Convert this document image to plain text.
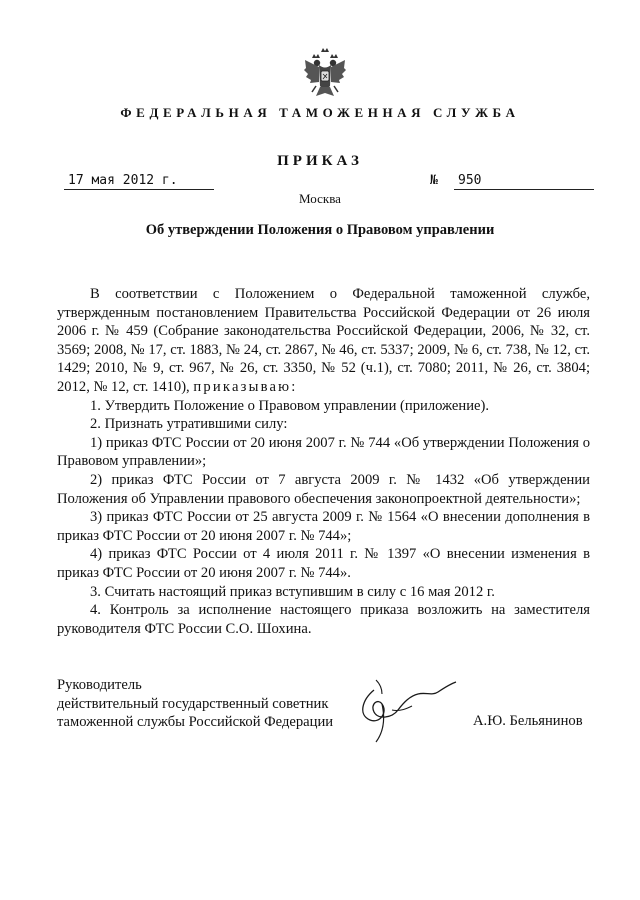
ФЕДЕРАЛЬНАЯ ТАМОЖЕННАЯ СЛУЖБА
ПРИКАЗ
17 мая 2012 г.	№	950
Москва
Об утверждении Положения о Правовом управлении

В соответствии с Положением о Федеральной таможенной службе, утвержденным постановлением Правительства Российской Федерации от 26 июля 2006 г. № 459 (Собрание законодательства Российской Федерации, 2006, № 32, ст. 3569; 2008, № 17, ст. 1883, № 24, ст. 2867, № 46, ст. 5337; 2009, № 6, ст. 738, № 12, ст. 1429; 2010, № 9, ст. 967, № 26, ст. 3350, № 52 (ч.1), ст. 7080; 2011, № 26, ст. 3804; 2012, № 12, ст. 1410), приказываю:

1. Утвердить Положение о Правовом управлении (приложение).

2. Признать утратившими силу:

1) приказ ФТС России от 20 июня 2007 г. № 744 «Об утверждении Положения о Правовом управлении»;

2) приказ ФТС России от 7 августа 2009 г. № 1432 «Об утверждении Положения об Управлении правового обеспечения законопроектной деятельности»;

3) приказ ФТС России от 25 августа 2009 г. № 1564 «О внесении дополнения в приказ ФТС России от 20 июня 2007 г. № 744»;

4) приказ ФТС России от 4 июля 2011 г. № 1397 «О внесении изменения в приказ ФТС России от 20 июня 2007 г. № 744».

3. Считать настоящий приказ вступившим в силу с 16 мая 2012 г.

4. Контроль за исполнение настоящего приказа возложить на заместителя руководителя ФТС России С.О. Шохина.

Руководитель
действительный государственный советник
таможенной службы Российской Федерации	А.Ю. Бельянинов
